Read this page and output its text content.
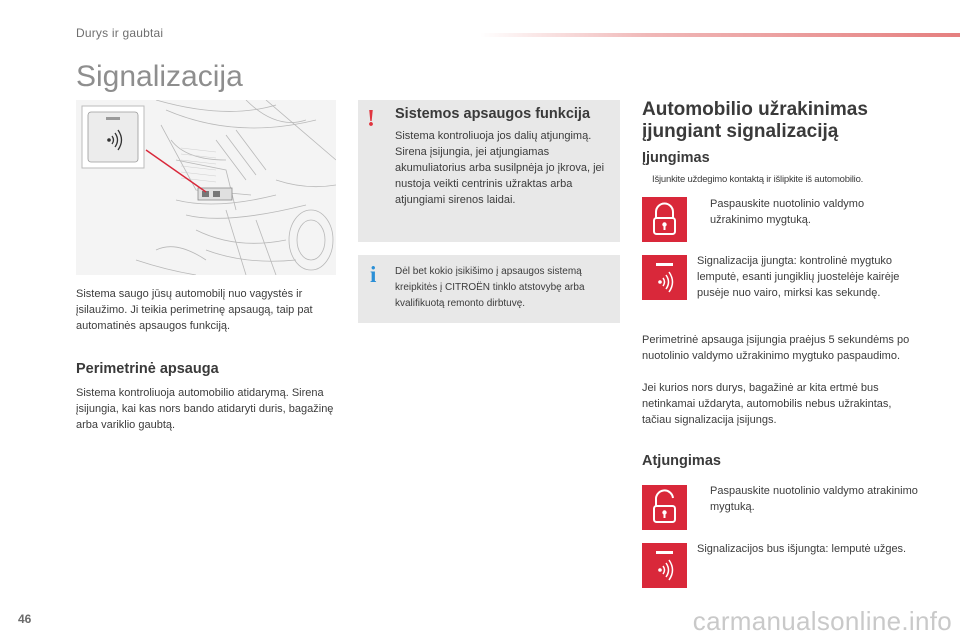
Durys ir gaubtai
Signalizacija
Sistema saugo jūsų automobilį nuo vagystės ir įsilaužimo. Ji teikia perimetrinę apsaugą, taip pat automatinės apsaugos funkciją.
Perimetrinė apsauga
Sistema kontroliuoja automobilio atidarymą. Sirena įsijungia, kai kas nors bando atidaryti duris, bagažinę arba variklio gaubtą.
! Sistemos apsaugos funkcija
Sistema kontroliuoja jos dalių atjungimą. Sirena įsijungia, jei atjungiamas akumuliatorius arba susilpnėja jo įkrova, jei nustoja veikti centrinis užraktas arba atjungiami sirenos laidai.
i Dėl bet kokio įsikišimo į apsaugos sistemą kreipkitės į CITROËN tinklo atstovybę arba kvalifikuotą remonto dirbtuvę.
Automobilio užrakinimas įjungiant signalizaciją
Įjungimas
Išjunkite uždegimo kontaktą ir išlipkite iš automobilio.
Paspauskite nuotolinio valdymo užrakinimo mygtuką.
Signalizacija įjungta: kontrolinė mygtuko lemputė, esanti jungiklių juostelėje kairėje pusėje nuo vairo, mirksi kas sekundę.
Perimetrinė apsauga įsijungia praėjus 5 sekundėms po nuotolinio valdymo užrakinimo mygtuko paspaudimo.
Jei kurios nors durys, bagažinė ar kita ertmė bus netinkamai uždaryta, automobilis nebus užrakintas, tačiau signalizacija įsijungs.
Atjungimas
Paspauskite nuotolinio valdymo atrakinimo mygtuką.
Signalizacijos bus išjungta: lemputė užges.
46	carmanualsonline.info
